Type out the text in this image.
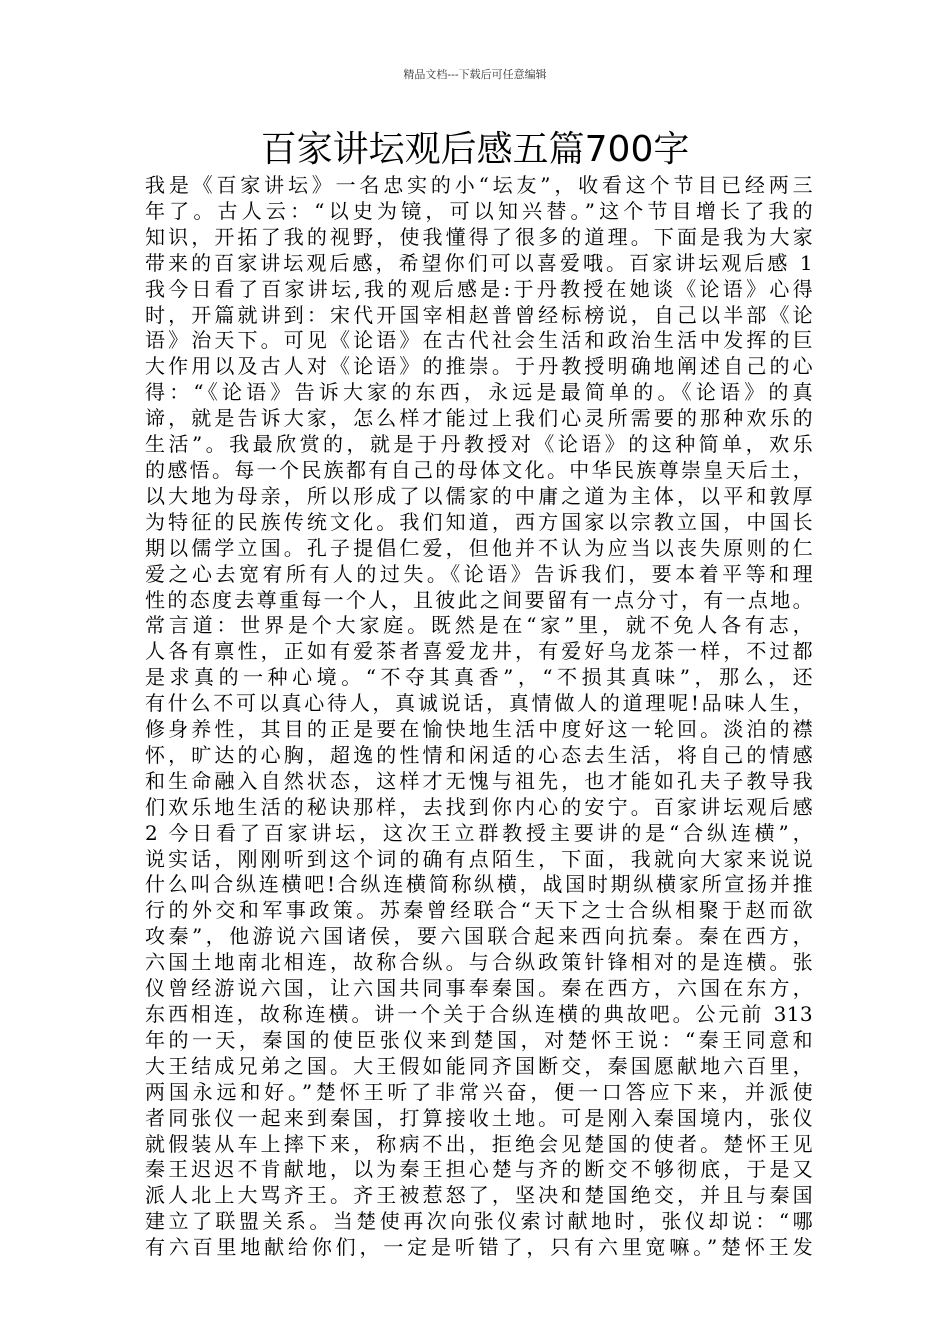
精品文档---下载后可任意编辑
百家讲坛观后感五篇700字
我是《百家讲坛》一名忠实的小“坛友”，收看这个节目已经两三
年了。古人云：“以史为镜，可以知兴替。”这个节目增长了我的
知识，开拓了我的视野，使我懂得了很多的道理。下面是我为大家
带来的百家讲坛观后感，希望你们可以喜爱哦。百家讲坛观后感 1
我今日看了百家讲坛,我的观后感是:于丹教授在她谈《论语》心得
时，开篇就讲到：宋代开国宰相赵普曾经标榜说，自己以半部《论
语》治天下。可见《论语》在古代社会生活和政治生活中发挥的巨
大作用以及古人对《论语》的推崇。于丹教授明确地阐述自己的心
得：“《论语》告诉大家的东西，永远是最简单的。《论语》的真
谛，就是告诉大家，怎么样才能过上我们心灵所需要的那种欢乐的
生活”。我最欣赏的，就是于丹教授对《论语》的这种简单，欢乐
的感悟。每一个民族都有自己的母体文化。中华民族尊崇皇天后土，
以大地为母亲，所以形成了以儒家的中庸之道为主体，以平和敦厚
为特征的民族传统文化。我们知道，西方国家以宗教立国，中国长
期以儒学立国。孔子提倡仁爱，但他并不认为应当以丧失原则的仁
爱之心去宽宥所有人的过失。《论语》告诉我们，要本着平等和理
性的态度去尊重每一个人，且彼此之间要留有一点分寸，有一点地。
常言道：世界是个大家庭。既然是在“家”里，就不免人各有志，
人各有禀性，正如有爱茶者喜爱龙井，有爱好乌龙茶一样，不过都
是求真的一种心境。“不夺其真香”，“不损其真味”，那么，还
有什么不可以真心待人，真诚说话，真情做人的道理呢!品味人生，
修身养性，其目的正是要在愉快地生活中度好这一轮回。淡泊的襟
怀，旷达的心胸，超逸的性情和闲适的心态去生活，将自己的情感
和生命融入自然状态，这样才无愧与祖先，也才能如孔夫子教导我
们欢乐地生活的秘诀那样，去找到你内心的安宁。百家讲坛观后感
2 今日看了百家讲坛，这次王立群教授主要讲的是“合纵连横”，
说实话，刚刚听到这个词的确有点陌生，下面，我就向大家来说说
什么叫合纵连横吧!合纵连横简称纵横，战国时期纵横家所宣扬并推
行的外交和军事政策。苏秦曾经联合“天下之士合纵相聚于赵而欲
攻秦”，他游说六国诸侯，要六国联合起来西向抗秦。秦在西方，
六国土地南北相连，故称合纵。与合纵政策针锋相对的是连横。张
仪曾经游说六国，让六国共同事奉秦国。秦在西方，六国在东方，
东西相连，故称连横。讲一个关于合纵连横的典故吧。公元前 313
年的一天，秦国的使臣张仪来到楚国，对楚怀王说：“秦王同意和
大王结成兄弟之国。大王假如能同齐国断交，秦国愿献地六百里，
两国永远和好。”楚怀王听了非常兴奋，便一口答应下来，并派使
者同张仪一起来到秦国，打算接收土地。可是刚入秦国境内，张仪
就假装从车上摔下来，称病不出，拒绝会见楚国的使者。楚怀王见
秦王迟迟不肯献地，以为秦王担心楚与齐的断交不够彻底，于是又
派人北上大骂齐王。齐王被惹怒了，坚决和楚国绝交，并且与秦国
建立了联盟关系。当楚使再次向张仪索讨献地时，张仪却说：“哪
有六百里地献给你们，一定是听错了，只有六里宽嘛。”楚怀王发
